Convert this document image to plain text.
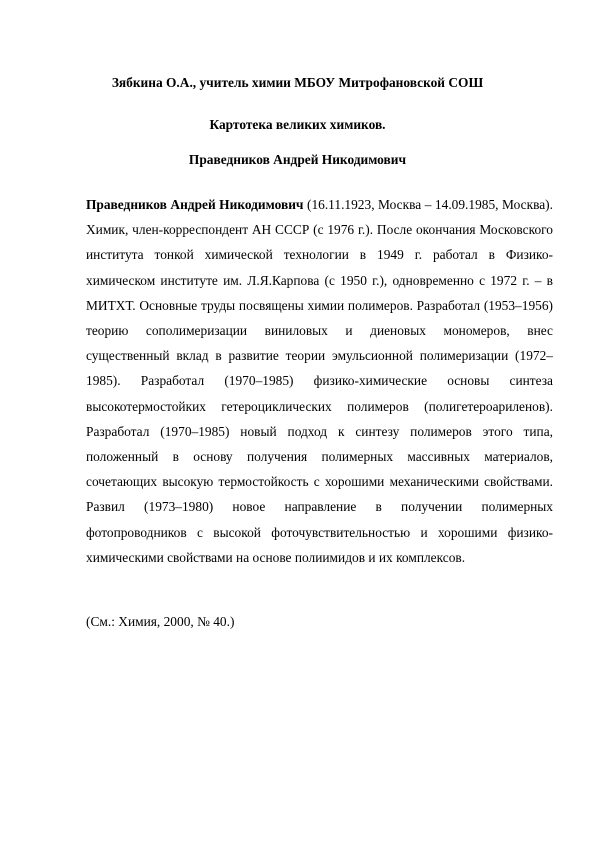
Зябкина О.А., учитель химии МБОУ Митрофановской СОШ
Картотека великих химиков.
Праведников Андрей Никодимович
Праведников Андрей Никодимович (16.11.1923, Москва – 14.09.1985, Москва). Химик, член-корреспондент АН СССР (с 1976 г.). После окончания Московского института тонкой химической технологии в 1949 г. работал в Физико-химическом институте им. Л.Я.Карпова (с 1950 г.), одновременно с 1972 г. – в МИТХТ. Основные труды посвящены химии полимеров. Разработал (1953–1956) теорию сополимеризации виниловых и диеновых мономеров, внес существенный вклад в развитие теории эмульсионной полимеризации (1972–1985). Разработал (1970–1985) физико-химические основы синтеза высокотермостойких гетероциклических полимеров (полигетероариленов). Разработал (1970–1985) новый подход к синтезу полимеров этого типа, положенный в основу получения полимерных массивных материалов, сочетающих высокую термостойкость с хорошими механическими свойствами. Развил (1973–1980) новое направление в получении полимерных фотопроводников с высокой фоточувствительностью и хорошими физико-химическими свойствами на основе полиимидов и их комплексов.
(См.: Химия, 2000, № 40.)
